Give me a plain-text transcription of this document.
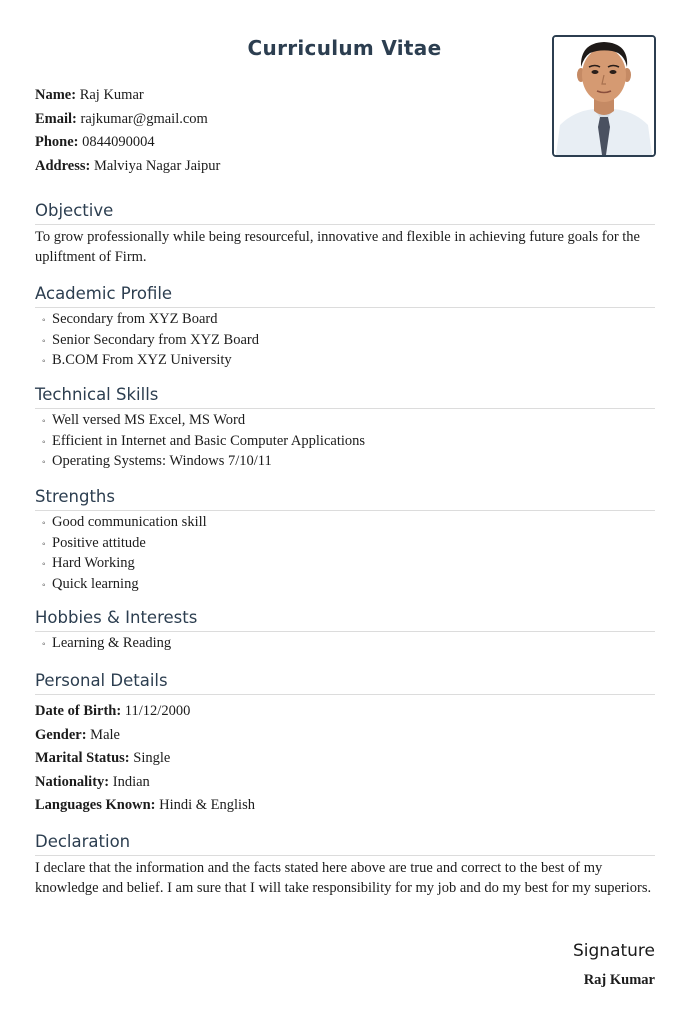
Curriculum Vitae
Name: Raj Kumar
Email: rajkumar@gmail.com
Phone: 0844090004
Address: Malviya Nagar Jaipur
Objective
To grow professionally while being resourceful, innovative and flexible in achieving future goals for the upliftment of Firm.
Academic Profile
◦ Secondary from XYZ Board
◦ Senior Secondary from XYZ Board
◦ B.COM From XYZ University
Technical Skills
◦ Well versed MS Excel, MS Word
◦ Efficient in Internet and Basic Computer Applications
◦ Operating Systems: Windows 7/10/11
Strengths
◦ Good communication skill
◦ Positive attitude
◦ Hard Working
◦ Quick learning
Hobbies & Interests
◦ Learning & Reading
Personal Details
Date of Birth: 11/12/2000
Gender: Male
Marital Status: Single
Nationality: Indian
Languages Known: Hindi & English
Declaration
I declare that the information and the facts stated here above are true and correct to the best of my knowledge and belief. I am sure that I will take responsibility for my job and do my best for my superiors.
Signature
Raj Kumar
